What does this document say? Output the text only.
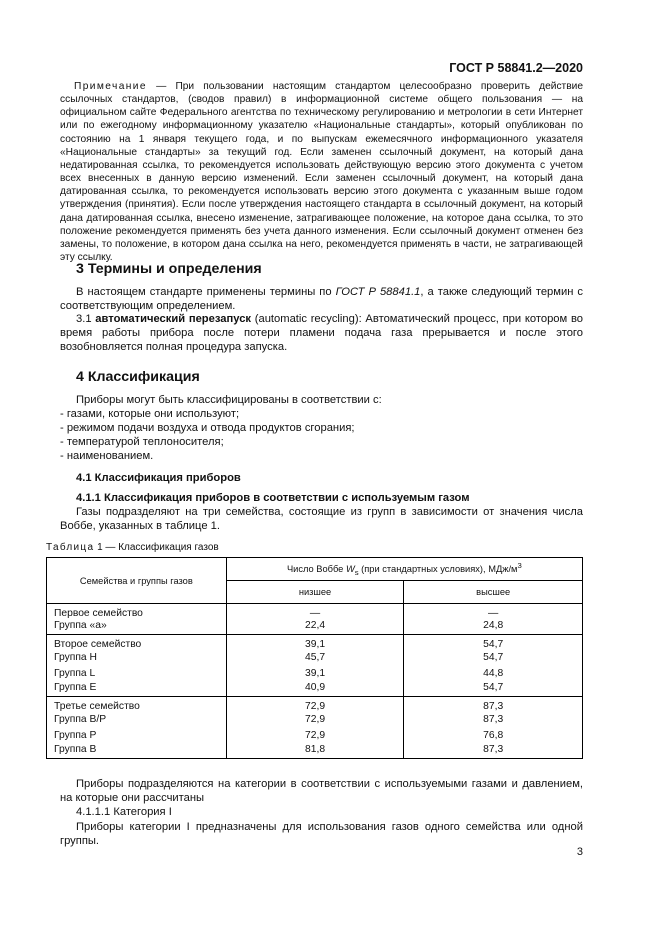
ГОСТ Р 58841.2—2020
Примечание — При пользовании настоящим стандартом целесообразно проверить действие ссылочных стандартов, (сводов правил) в информационной системе общего пользования — на официальном сайте Федерального агентства по техническому регулированию и метрологии в сети Интернет или по ежегодному информационному указателю «Национальные стандарты», который опубликован по состоянию на 1 января текущего года, и по выпускам ежемесячного информационного указателя «Национальные стандарты» за текущий год. Если заменен ссылочный документ, на который дана недатированная ссылка, то рекомендуется использовать действующую версию этого документа с учетом всех внесенных в данную версию изменений. Если заменен ссылочный документ, на который дана датированная ссылка, то рекомендуется использовать версию этого документа с указанным выше годом утверждения (принятия). Если после утверждения настоящего стандарта в ссылочный документ, на который дана датированная ссылка, внесено изменение, затрагивающее положение, на которое дана ссылка, то это положение рекомендуется применять без учета данного изменения. Если ссылочный документ отменен без замены, то положение, в котором дана ссылка на него, рекомендуется применять в части, не затрагивающей эту ссылку.
3 Термины и определения
В настоящем стандарте применены термины по ГОСТ Р 58841.1, а также следующий термин с соответствующим определением.
3.1 автоматический перезапуск (automatic recycling): Автоматический процесс, при котором во время работы прибора после потери пламени подача газа прерывается и после этого возобновляется полная процедура запуска.
4 Классификация
Приборы могут быть классифицированы в соответствии с:
- газами, которые они используют;
- режимом подачи воздуха и отвода продуктов сгорания;
- температурой теплоносителя;
- наименованием.
4.1 Классификация приборов
4.1.1 Классификация приборов в соответствии с используемым газом
Газы подразделяют на три семейства, состоящие из групп в зависимости от значения числа Воббе, указанных в таблице 1.
Таблица 1 — Классификация газов
Семейства и группы газов	Число Воббе $W_s$ (при стандартных условиях), МДж/$м^3$
	низшее	высшее
Первое семейство	—	—
Группа «а»	22,4	24,8
Второе семейство	39,1	54,7
Группа Н	45,7	54,7
Группа L	39,1	44,8
Группа Е	40,9	54,7
Третье семейство	72,9	87,3
Группа В/Р	72,9	87,3
Группа Р	72,9	76,8
Группа В	81,8	87,3
Приборы подразделяются на категории в соответствии с используемыми газами и давлением, на которые они рассчитаны
4.1.1.1 Категория I
Приборы категории I предназначены для использования газов одного семейства или одной группы.
3
